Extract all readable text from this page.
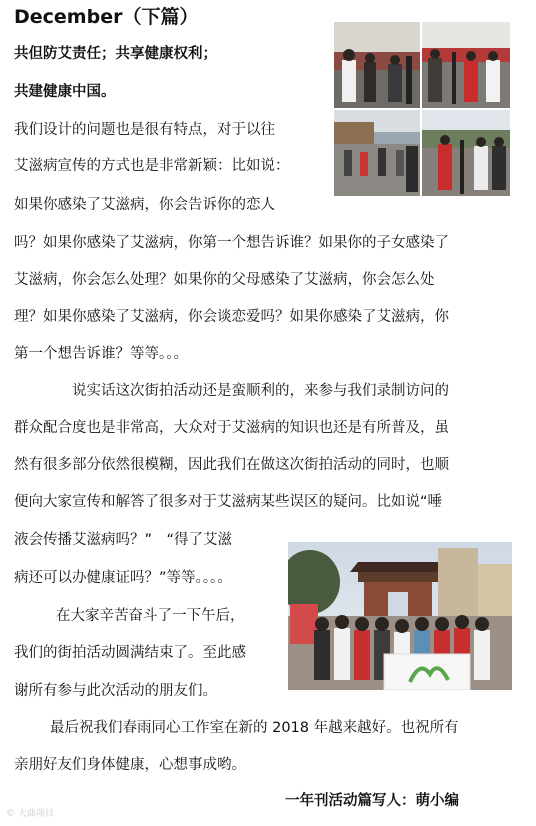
December（下篇）
共但防艾责任；共享健康权利；
共建健康中国。
我们设计的问题也是很有特点，对于以往
艾滋病宣传的方式也是非常新颖：比如说：
如果你感染了艾滋病，你会告诉你的恋人
吗？如果你感染了艾滋病，你第一个想告诉谁？如果你的子女感染了
艾滋病，你会怎么处理？如果你的父母感染了艾滋病，你会怎么处
理？如果你感染了艾滋病，你会谈恋爱吗？如果你感染了艾滋病，你
第一个想告诉谁？等等。。。
说实话这次街拍活动还是蛮顺利的，来参与我们录制访问的
群众配合度也是非常高，大众对于艾滋病的知识也还是有所普及，虽
然有很多部分依然很模糊，因此我们在做这次街拍活动的同时，也顺
便向大家宣传和解答了很多对于艾滋病某些误区的疑问。比如说“唾
液会传播艾滋病吗？”　“得了艾滋
病还可以办健康证吗？”等等。。。。
在大家辛苦奋斗了一下午后，
我们的街拍活动圆满结束了。至此感
谢所有参与此次活动的朋友们。
最后祝我们春雨同心工作室在新的 2018 年越来越好。也祝所有
亲朋好友们身体健康，心想事成哟。
一年刊活动篇写人：萌小编
© 大曲项目
